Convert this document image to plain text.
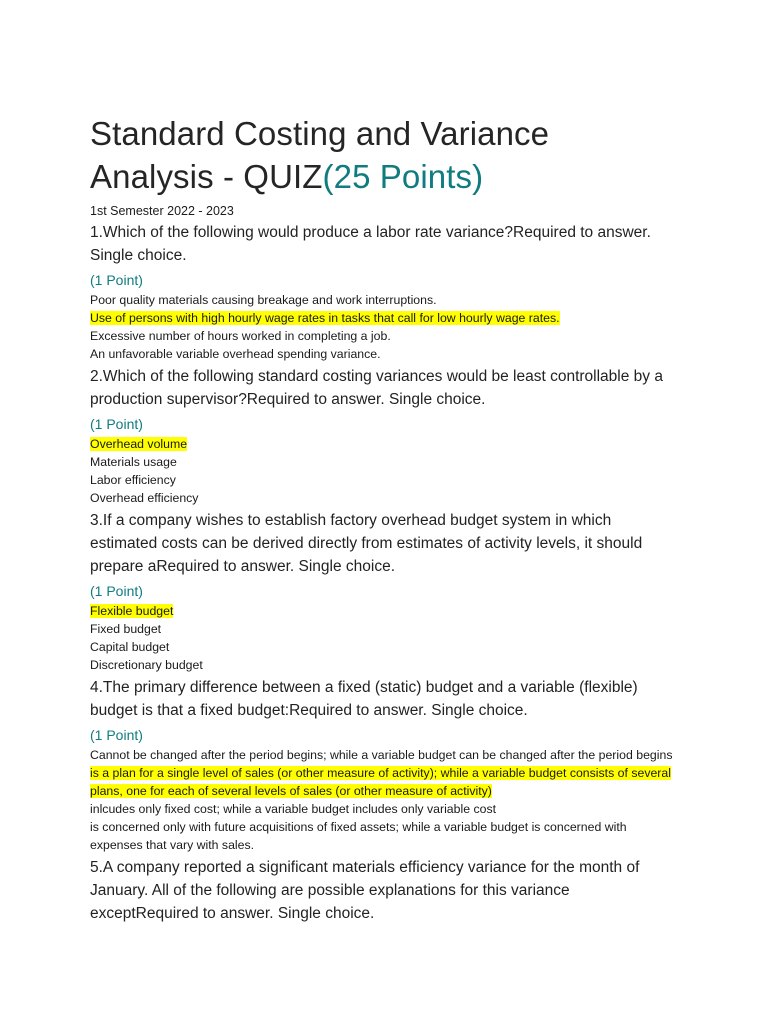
Standard Costing and Variance Analysis - QUIZ(25 Points)
1st Semester 2022 - 2023
1.Which of the following would produce a labor rate variance?Required to answer. Single choice.
(1 Point)
Poor quality materials causing breakage and work interruptions.
Use of persons with high hourly wage rates in tasks that call for low hourly wage rates.
Excessive number of hours worked in completing a job.
An unfavorable variable overhead spending variance.
2.Which of the following standard costing variances would be least controllable by a production supervisor?Required to answer. Single choice.
(1 Point)
Overhead volume
Materials usage
Labor efficiency
Overhead efficiency
3.If a company wishes to establish factory overhead budget system in which estimated costs can be derived directly from estimates of activity levels, it should prepare aRequired to answer. Single choice.
(1 Point)
Flexible budget
Fixed budget
Capital budget
Discretionary budget
4.The primary difference between a fixed (static) budget and a variable (flexible) budget is that a fixed budget:Required to answer. Single choice.
(1 Point)
Cannot be changed after the period begins; while a variable budget can be changed after the period begins
is a plan for a single level of sales (or other measure of activity); while a variable budget consists of several plans, one for each of several levels of sales (or other measure of activity)
inlcudes only fixed cost; while a variable budget includes only variable cost
is concerned only with future acquisitions of fixed assets; while a variable budget is concerned with expenses that vary with sales.
5.A company reported a significant materials efficiency variance for the month of January. All of the following are possible explanations for this variance exceptRequired to answer. Single choice.
